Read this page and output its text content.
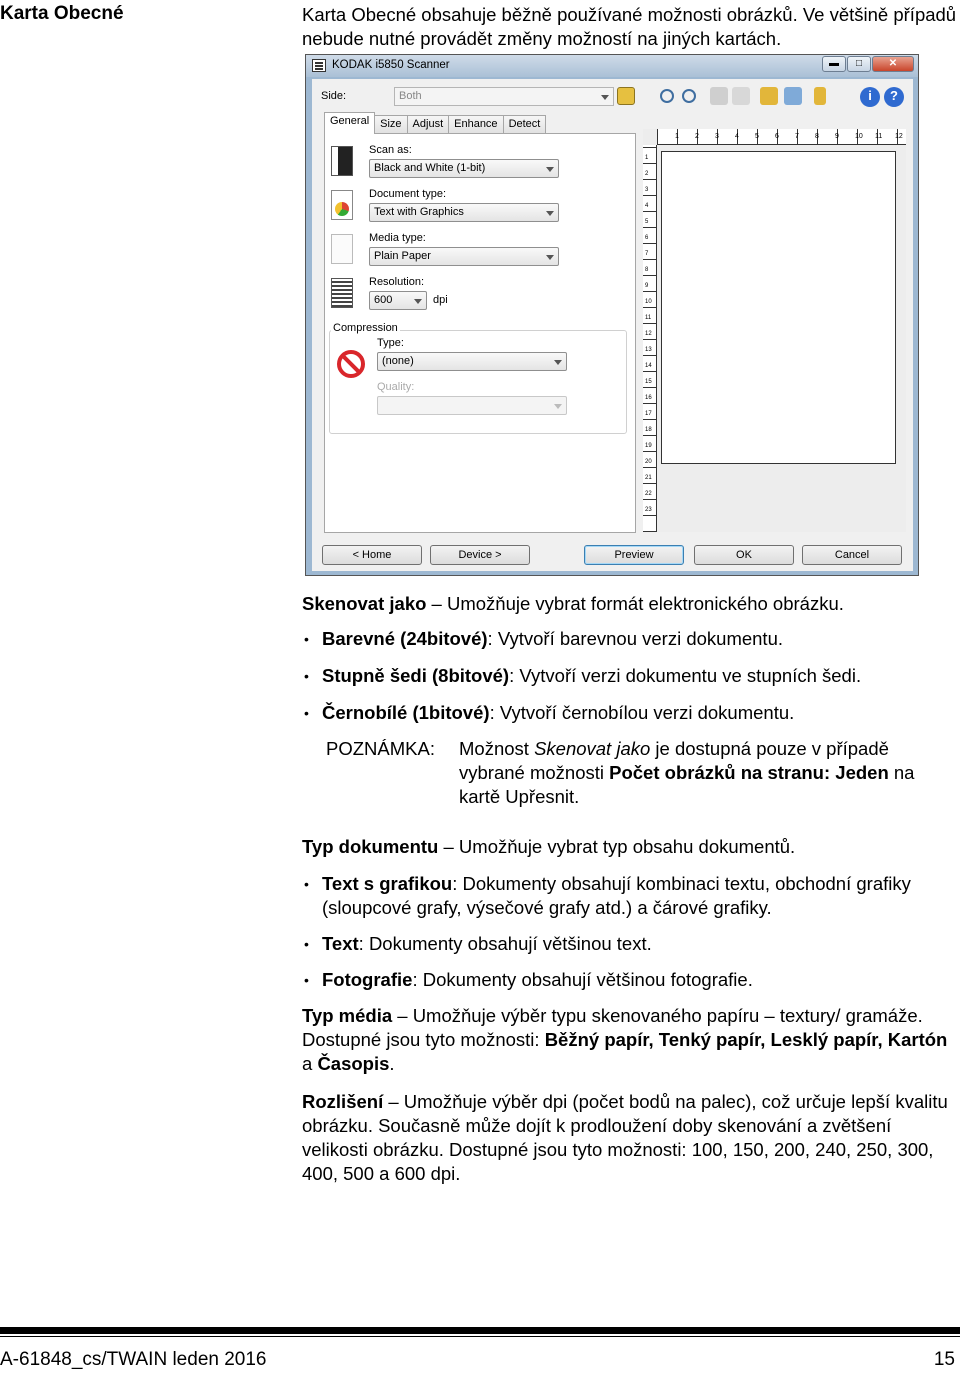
Karta Obecné	Karta Obecné obsahuje běžně používané možnosti obrázků. Ve většině případů nebude nutné provádět změny možností na jiných kartách.
KODAK i5850 Scanner	▬	□	✕
Side:	Both	i	?
General	Size	Adjust	Enhance	Detect
Scan as:
Black and White (1-bit)
Document type:
Text with Graphics
Media type:
Plain Paper
Resolution:
600	dpi
Compression
Type:
(none)
Quality:
1 2 3 4 5 6 7 8 9 10 11 12
1
2
3
4
5
6
7
8
9
10
11
12
13
14
15
16
17
18
19
20
21
22
23
< Home	Device >	Preview	OK	Cancel
Skenovat jako – Umožňuje vybrat formát elektronického obrázku.
• Barevné (24bitové): Vytvoří barevnou verzi dokumentu.
• Stupně šedi (8bitové): Vytvoří verzi dokumentu ve stupních šedi.
• Černobílé (1bitové): Vytvoří černobílou verzi dokumentu.
POZNÁMKA: Možnost Skenovat jako je dostupná pouze v případě vybrané možnosti Počet obrázků na stranu: Jeden na kartě Upřesnit.
Typ dokumentu – Umožňuje vybrat typ obsahu dokumentů.
• Text s grafikou: Dokumenty obsahují kombinaci textu, obchodní grafiky (sloupcové grafy, výsečové grafy atd.) a čárové grafiky.
• Text: Dokumenty obsahují většinou text.
• Fotografie: Dokumenty obsahují většinou fotografie.
Typ média – Umožňuje výběr typu skenovaného papíru – textury/ gramáže. Dostupné jsou tyto možnosti: Běžný papír, Tenký papír, Lesklý papír, Kartón a Časopis.
Rozlišení – Umožňuje výběr dpi (počet bodů na palec), což určuje lepší kvalitu obrázku. Současně může dojít k prodloužení doby skenování a zvětšení velikosti obrázku. Dostupné jsou tyto možnosti: 100, 150, 200, 240, 250, 300, 400, 500 a 600 dpi.
A-61848_cs/TWAIN leden 2016	15
